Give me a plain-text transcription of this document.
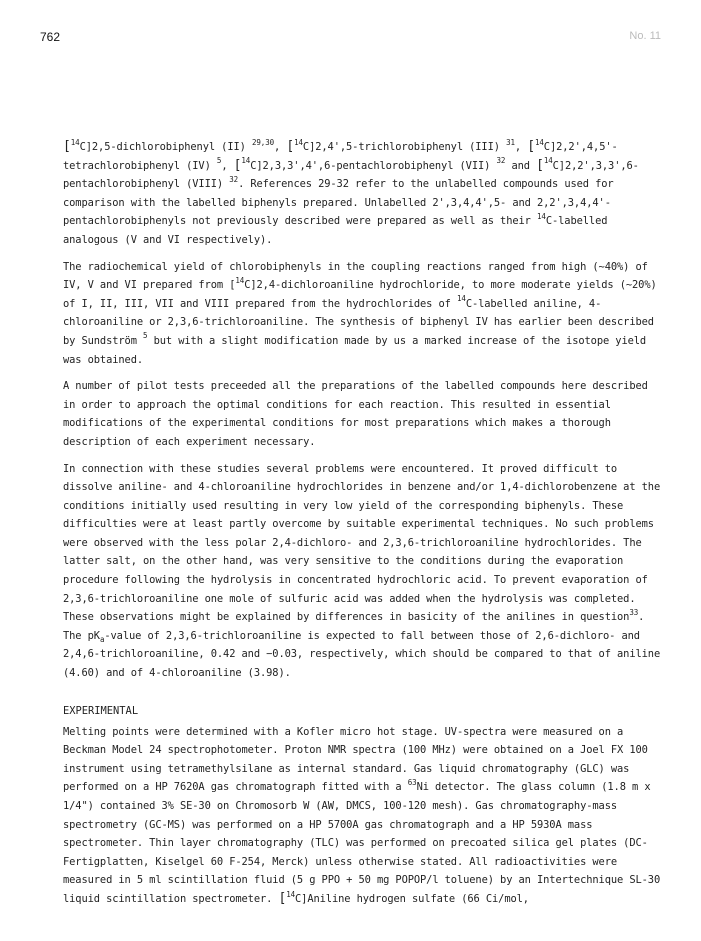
762	No. 11

[$^{14}$C]2,5-dichlorobiphenyl (II) $^{29,30}$, [$^{14}$C]2,4',5-trichlorobiphenyl (III) $^{31}$, [$^{14}$C]2,2',4,5'-tetrachlorobiphenyl (IV) $^5$, [$^{14}$C]2,3,3',4',6-pentachlorobiphenyl (VII) $^{32}$ and [$^{14}$C]2,2',3,3',6-pentachlorobiphenyl (VIII) $^{32}$. References 29-32 refer to the unlabelled compounds used for comparison with the labelled biphenyls prepared. Unlabelled 2',3,4,4',5- and 2,2',3,4,4'-pentachlorobiphenyls not previously described were prepared as well as their $^{14}$C-labelled analogous (V and VI respectively).

The radiochemical yield of chlorobiphenyls in the coupling reactions ranged from high (∼40%) of IV, V and VI prepared from [$^{14}$C]2,4-dichloroaniline hydrochloride, to more moderate yields (∼20%) of I, II, III, VII and VIII prepared from the hydrochlorides of $^{14}$C-labelled aniline, 4-chloroaniline or 2,3,6-trichloroaniline. The synthesis of biphenyl IV has earlier been described by Sundström $^5$ but with a slight modification made by us a marked increase of the isotope yield was obtained.

A number of pilot tests preceeded all the preparations of the labelled compounds here described in order to approach the optimal conditions for each reaction. This resulted in essential modifications of the experimental conditions for most preparations which makes a thorough description of each experiment necessary.

In connection with these studies several problems were encountered. It proved difficult to dissolve aniline- and 4-chloroaniline hydrochlorides in benzene and/or 1,4-dichlorobenzene at the conditions initially used resulting in very low yield of the corresponding biphenyls. These difficulties were at least partly overcome by suitable experimental techniques. No such problems were observed with the less polar 2,4-dichloro- and 2,3,6-trichloroaniline hydrochlorides. The latter salt, on the other hand, was very sensitive to the conditions during the evaporation procedure following the hydrolysis in concentrated hydrochloric acid. To prevent evaporation of 2,3,6-trichloroaniline one mole of sulfuric acid was added when the hydrolysis was completed. These observations might be explained by differences in basicity of the anilines in question$^{33}$. The $pK_a$-value of 2,3,6-trichloroaniline is expected to fall between those of 2,6-dichloro- and 2,4,6-trichloroaniline, 0.42 and −0.03, respectively, which should be compared to that of aniline (4.60) and of 4-chloroaniline (3.98).

EXPERIMENTAL

Melting points were determined with a Kofler micro hot stage. UV-spectra were measured on a Beckman Model 24 spectrophotometer. Proton NMR spectra (100 MHz) were obtained on a Joel FX 100 instrument using tetramethylsilane as internal standard. Gas liquid chromatography (GLC) was performed on a HP 7620A gas chromatograph fitted with a $^{63}$Ni detector. The glass column (1.8 m x 1/4") contained 3% SE-30 on Chromosorb W (AW, DMCS, 100-120 mesh). Gas chromatography-mass spectrometry (GC-MS) was performed on a HP 5700A gas chromatograph and a HP 5930A mass spectrometer. Thin layer chromatography (TLC) was performed on precoated silica gel plates (DC-Fertigplatten, Kiselgel 60 F-254, Merck) unless otherwise stated. All radioactivities were measured in 5 ml scintillation fluid (5 g PPO + 50 mg POPOP/l toluene) by an Intertechnique SL-30 liquid scintillation spectrometer. [$^{14}$C]Aniline hydrogen sulfate (66 Ci/mol,
